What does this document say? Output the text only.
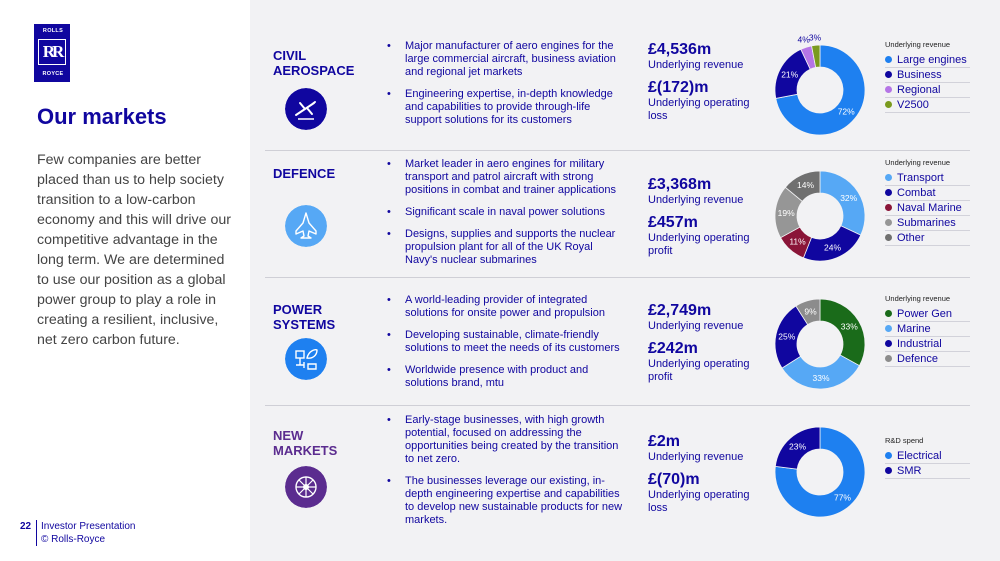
ROLLS
RR
ROYCE
Our markets
Few companies are better placed than us to help society transition to a low-carbon economy and this will drive our competitive advantage in the long term. We are determined to use our position as a global power group to play a role in creating a resilient, inclusive, net zero carbon future.
22 Investor Presentation
© Rolls-Royce
CIVIL
AEROSPACE
• Major manufacturer of aero engines for the large commercial aircraft, business aviation and regional jet markets
• Engineering expertise, in-depth knowledge and capabilities to provide through-life support solutions for its customers
£4,536m
Underlying revenue
£(172)m
Underlying operating loss	72%
21%
4% 3%
Underlying revenue
Large engines
Business
Regional
V2500
DEFENCE
• Market leader in aero engines for military transport and patrol aircraft with strong positions in combat and trainer applications
• Significant scale in naval power solutions
• Designs, supplies and supports the nuclear propulsion plant for all of the UK Royal Navy's nuclear submarines
£3,368m
Underlying revenue
£457m
Underlying operating profit
32%
24%
11%
19%
14%
Underlying revenue
Transport
Combat
Naval Marine
Submarines
Other
POWER
SYSTEMS
• A world-leading provider of integrated solutions for onsite power and propulsion
• Developing sustainable, climate-friendly solutions to meet the needs of its customers
• Worldwide presence with product and solutions brand, mtu
£2,749m
Underlying revenue
£242m
Underlying operating profit
33%
33%
25%
9%
Underlying revenue
Power Gen
Marine
Industrial
Defence
NEW
MARKETS
• Early-stage businesses, with high growth potential, focused on addressing the opportunities being created by the transition to net zero.
• The businesses leverage our existing, in-depth engineering expertise and capabilities to develop new sustainable products for new markets.
£2m
Underlying revenue
£(70)m
Underlying operating loss
77%
23%
R&D spend
Electrical
SMR
